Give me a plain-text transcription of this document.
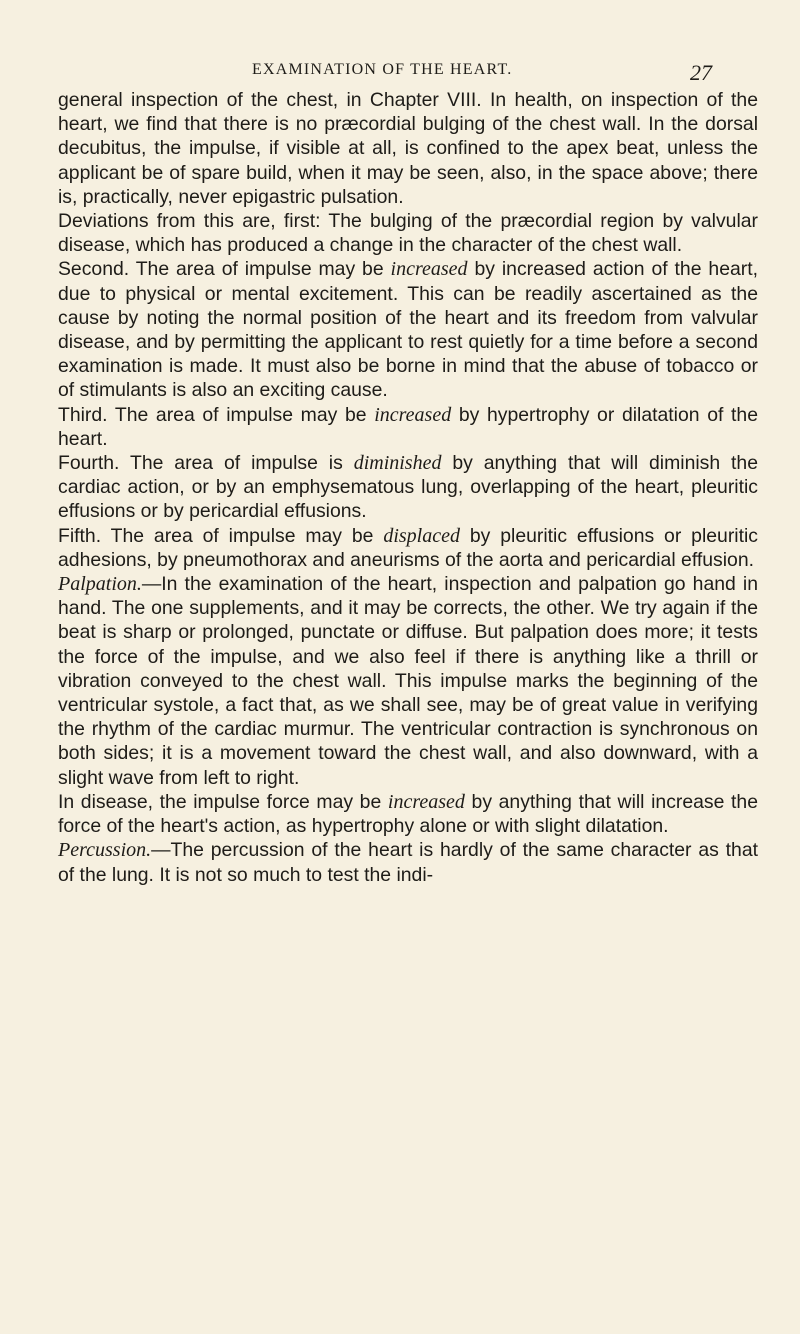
EXAMINATION OF THE HEART.	27

general inspection of the chest, in Chapter VIII. In health, on inspection of the heart, we find that there is no præcordial bulging of the chest wall. In the dorsal decubitus, the impulse, if visible at all, is confined to the apex beat, unless the applicant be of spare build, when it may be seen, also, in the space above; there is, practically, never epigastric pulsation.

Deviations from this are, first: The bulging of the præcordial region by valvular disease, which has produced a change in the character of the chest wall.

Second. The area of impulse may be increased by increased action of the heart, due to physical or mental excitement. This can be readily ascertained as the cause by noting the normal position of the heart and its freedom from valvular disease, and by permitting the applicant to rest quietly for a time before a second examination is made. It must also be borne in mind that the abuse of tobacco or of stimulants is also an exciting cause.

Third. The area of impulse may be increased by hypertrophy or dilatation of the heart.

Fourth. The area of impulse is diminished by anything that will diminish the cardiac action, or by an emphysematous lung, overlapping of the heart, pleuritic effusions or by pericardial effusions.

Fifth. The area of impulse may be displaced by pleuritic effusions or pleuritic adhesions, by pneumothorax and aneurisms of the aorta and pericardial effusion.

Palpation.—In the examination of the heart, inspection and palpation go hand in hand. The one supplements, and it may be corrects, the other. We try again if the beat is sharp or prolonged, punctate or diffuse. But palpation does more; it tests the force of the impulse, and we also feel if there is anything like a thrill or vibration conveyed to the chest wall. This impulse marks the beginning of the ventricular systole, a fact that, as we shall see, may be of great value in verifying the rhythm of the cardiac murmur. The ventricular contraction is synchronous on both sides; it is a movement toward the chest wall, and also downward, with a slight wave from left to right.

In disease, the impulse force may be increased by anything that will increase the force of the heart's action, as hypertrophy alone or with slight dilatation.

Percussion.—The percussion of the heart is hardly of the same character as that of the lung. It is not so much to test the indi-
